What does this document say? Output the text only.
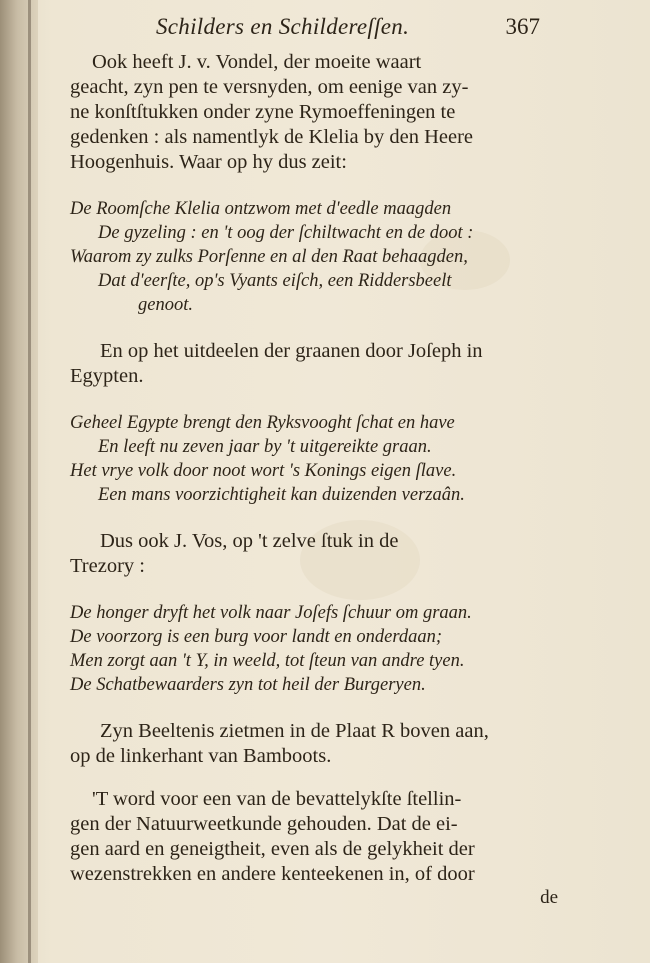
Schilders en Schildereſſen.	367

Ook heeft J. v. Vondel, der moeite waart

geacht, zyn pen te versnyden, om eenige van zy-
ne konſtſtukken onder zyne Rymoeffeningen te
gedenken : als namentlyk de Klelia by den Heere
Hoogenhuis. Waar op hy dus zeit:
De Roomſche Klelia ontzwom met d'eedle maagden
De gyzeling : en 't oog der ſchiltwacht en de doot :
Waarom zy zulks Porſenne en al den Raat behaagden,
Dat d'eerſte, op's Vyants eiſch, een Riddersbeelt
genoot.
En op het uitdeelen der graanen door Joſeph in
Egypten.
Geheel Egypte brengt den Ryksvooght ſchat en have
En leeft nu zeven jaar by 't uitgereikte graan.
Het vrye volk door noot wort 's Konings eigen ſlave.
Een mans voorzichtigheit kan duizenden verzaân.
Dus ook J. Vos, op 't zelve ſtuk in de
Trezory :
De honger dryft het volk naar Joſefs ſchuur om graan.
De voorzorg is een burg voor landt en onderdaan;
Men zorgt aan 't Y, in weeld, tot ſteun van andre tyen.
De Schatbewaarders zyn tot heil der Burgeryen.
Zyn Beeltenis zietmen in de Plaat R boven aan,
op de linkerhant van Bamboots.
'T word voor een van de bevattelykſte ſtellin-
gen der Natuurweetkunde gehouden. Dat de ei-
gen aard en geneigtheit, even als de gelykheit der
wezenstrekken en andere kenteekenen in, of door
de
